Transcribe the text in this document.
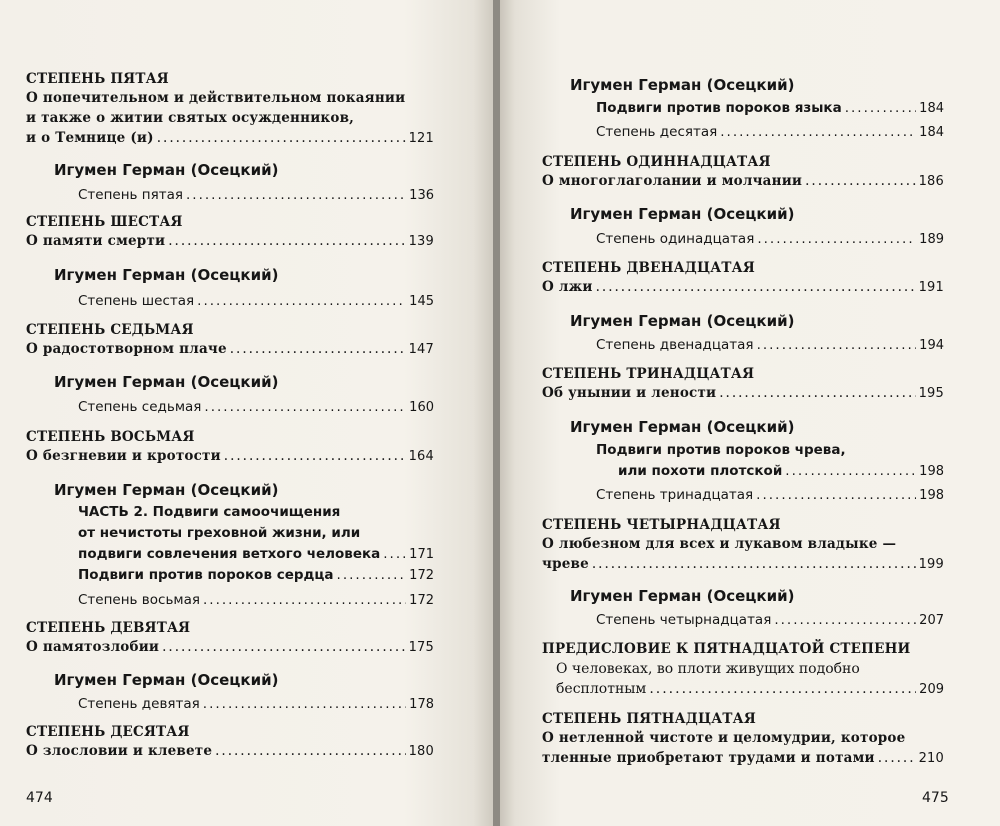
СТЕПЕНЬ ПЯТАЯ
О попечительном и действительном покаянии
и также о житии святых осужденников,
и о Темнице (и) .....	121
Игумен Герман (Осецкий)
Степень пятая .....	136
СТЕПЕНЬ ШЕСТАЯ
О памяти смерти .....	139
Игумен Герман (Осецкий)
Степень шестая .....	145
СТЕПЕНЬ СЕДЬМАЯ
О радостотворном плаче .....	147
Игумен Герман (Осецкий)
Степень седьмая .....	160
СТЕПЕНЬ ВОСЬМАЯ
О безгневии и кротости .....	164
Игумен Герман (Осецкий)
ЧАСТЬ 2. Подвиги самоочищения
от нечистоты греховной жизни, или
подвиги совлечения ветхого человека ..... 171
Подвиги против пороков сердца .....	172
Степень восьмая .....	172
СТЕПЕНЬ ДЕВЯТАЯ
О памятозлобии .....	175
Игумен Герман (Осецкий)
Степень девятая .....	178
СТЕПЕНЬ ДЕСЯТАЯ
О злословии и клевете .....	180
474
Игумен Герман (Осецкий)
Подвиги против пороков языка .....	184
Степень десятая .....	184
СТЕПЕНЬ ОДИННАДЦАТАЯ
О многоглаголании и молчании .....	186
Игумен Герман (Осецкий)
Степень одинадцатая .....	189
СТЕПЕНЬ ДВЕНАДЦАТАЯ
О лжи .....	191
Игумен Герман (Осецкий)
Степень двенадцатая .....	194
СТЕПЕНЬ ТРИНАДЦАТАЯ
Об унынии и лености .....	195
Игумен Герман (Осецкий)
Подвиги против пороков чрева,
или похоти плотской .....	198
Степень тринадцатая .....	198
СТЕПЕНЬ ЧЕТЫРНАДЦАТАЯ
О любезном для всех и лукавом владыке —
чреве .....	199
Игумен Герман (Осецкий)
Степень четырнадцатая .....	207
ПРЕДИСЛОВИЕ К ПЯТНАДЦАТОЙ СТЕПЕНИ
О человеках, во плоти живущих подобно
бесплотным .....	209
СТЕПЕНЬ ПЯТНАДЦАТАЯ
О нетленной чистоте и целомудрии, которое
тленные приобретают трудами и потами .....	210
475
